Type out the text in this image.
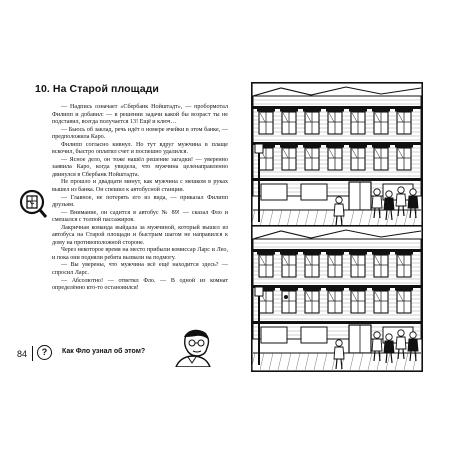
10. На Старой площади

— Надпись означает «Сбербанк Нойштадт», — пробормотал Филипп и добавил: — в решении задачи какой бы возраст ты не подставил, всегда получается 13! Ещё и ключ…

— Бьюсь об заклад, речь идёт о номере ячейки в этом банке, — предположила Каро.

Филипп согласно кивнул. Но тут вдруг мужчина в плаще вскочил, быстро оплатил счет и поспешно удалился.

— Ясное дело, он тоже нашёл решение загадки! — уверенно заявила Каро, когда увидела, что мужчина целенаправленно двинулся в Сбербанк Нойштадта.

Не прошло и двадцати минут, как мужчина с мешком в руках вышел из банка. Он спешил к автобусной станции.

— Главное, не потерять его из вида, — приказал Филипп друзьям.

— Внимание, он садится в автобус № 89! — сказал Фло и смешался с толпой пассажиров.

Лакричная команда выйдала за мужчиной, который вышел из автобуса на Старой площади и быстрым шагом не направился к дому на противоположной стороне.

Через некоторое время на место прибыли комиссар Ларс и Лео, и пока они подняли ребята вызвали на подмогу.

— Вы уверены, что мужчина всё ещё находится здесь? — спросил Ларс.

— Абсолютно! — ответил Фло. — В одной из комнат определённо кто-то остановился!

84	?	Как Фло узнал об этом?
